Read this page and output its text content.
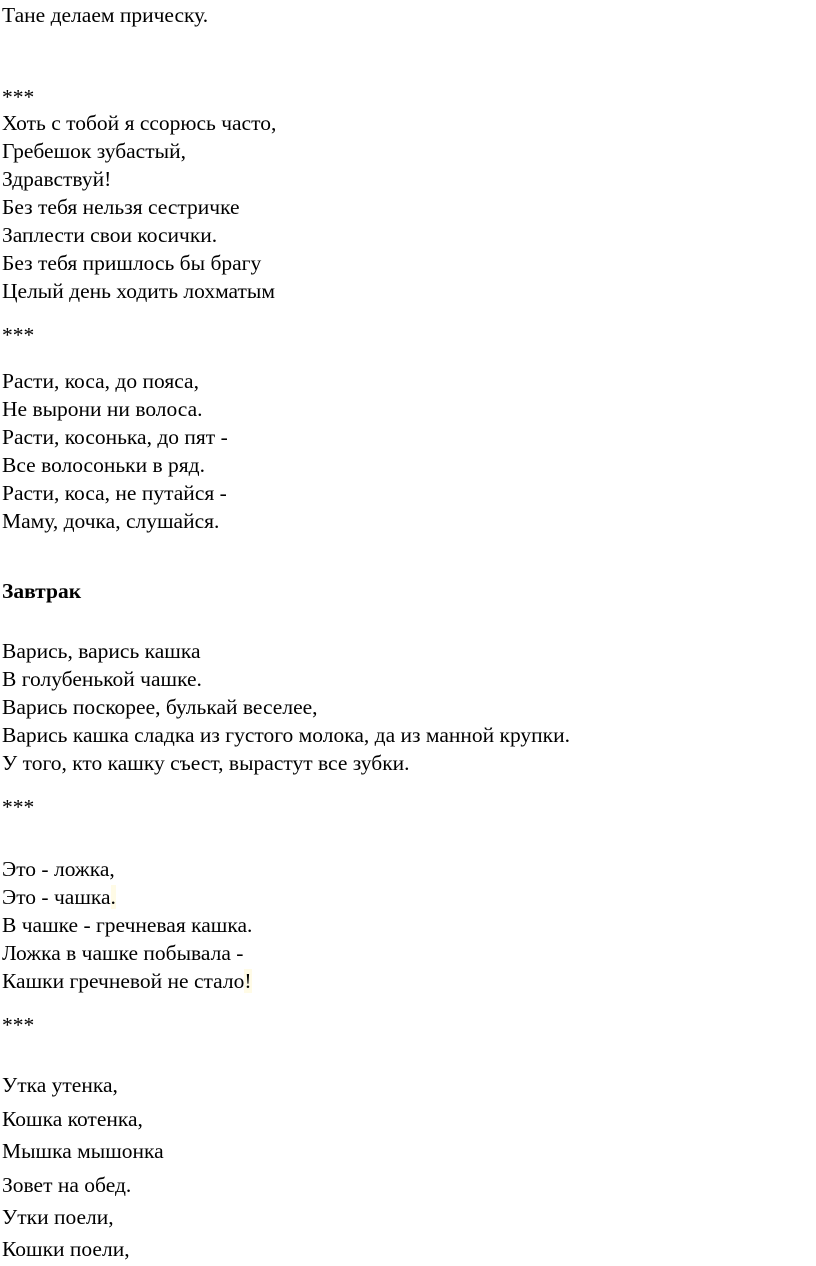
Тане делаем прическу.
***
Хоть с тобой я ссорюсь часто,
Гребешок зубастый,
Здравствуй!
Без тебя нельзя сестричке
Заплести свои косички.
Без тебя пришлось бы брагу
Целый день ходить лохматым
***
Расти, коса, до пояса,
Не вырони ни волоса.
Расти, косонька, до пят -
Все волосоньки в ряд.
Расти, коса, не путайся -
Маму, дочка, слушайся.
Завтрак
Варись, варись кашка
В голубенькой чашке.
Варись поскорее, булькай веселее,
Варись кашка сладка из густого молока, да из манной крупки.
У того, кто кашку съест, вырастут все зубки.
***
Это - ложка,
Это - чашка.
В чашке - гречневая кашка.
Ложка в чашке побывала -
Кашки гречневой не стало!
***
Утка утенка,
Кошка котенка,
Мышка мышонка
Зовет на обед.
Утки поели,
Кошки поели,
